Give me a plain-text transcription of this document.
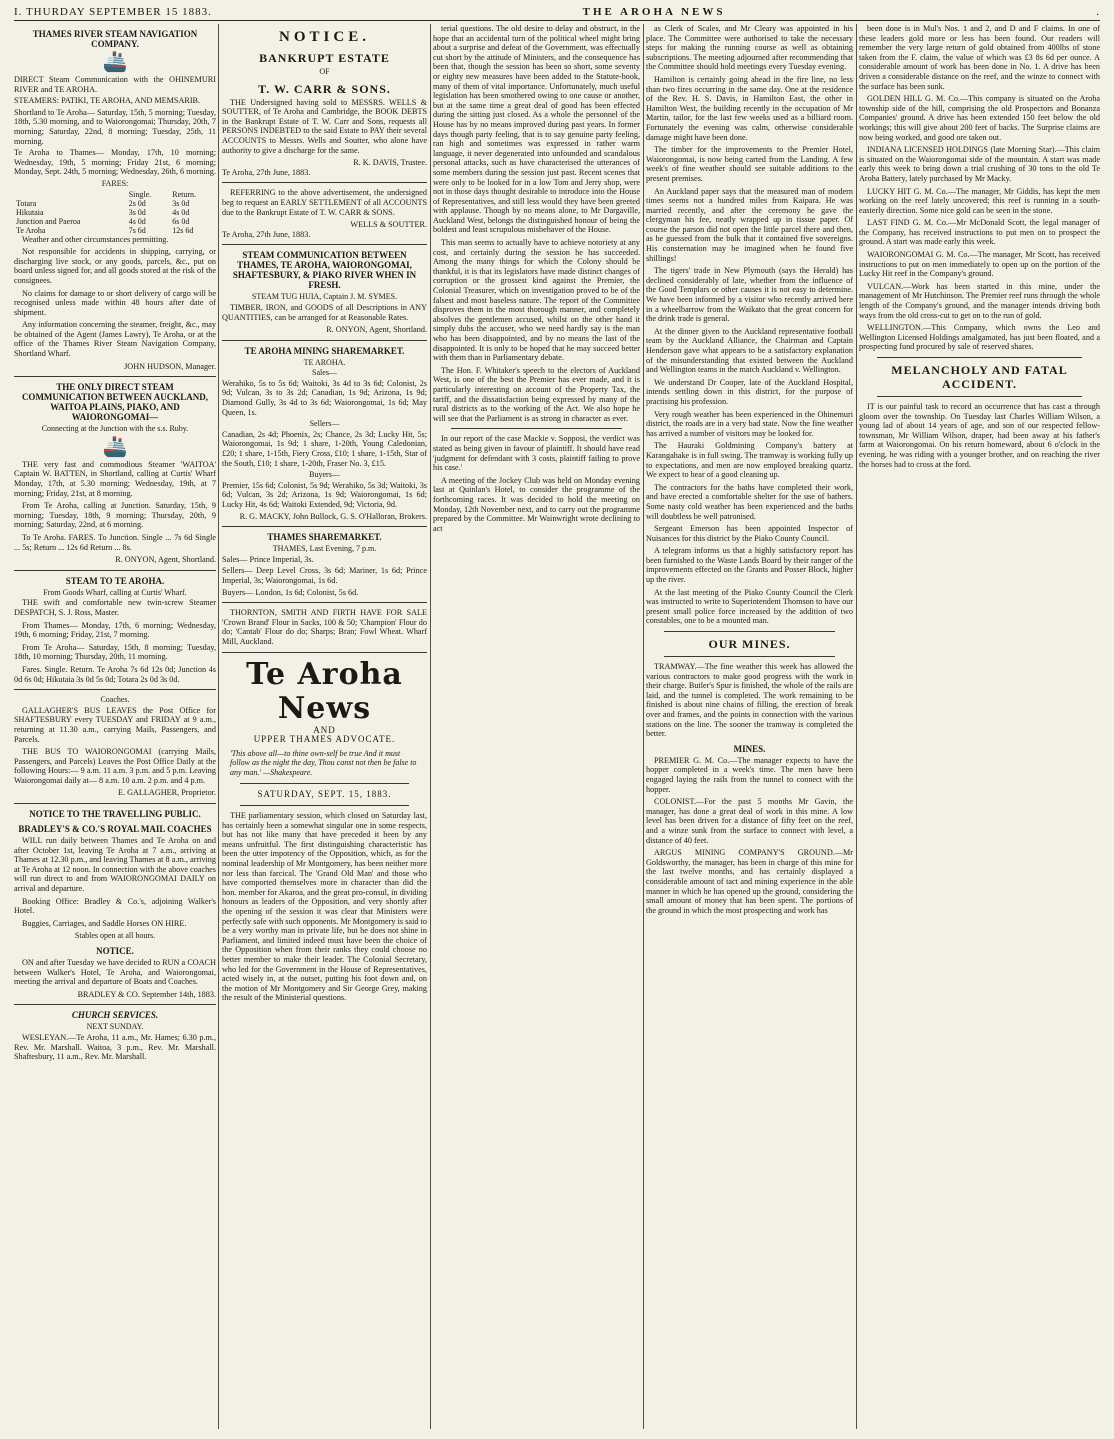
I. THURDAY SEPTEMBER 15 1883.	THE AROHA NEWS	.
THAMES RIVER STEAM NAVIGATION COMPANY.
🚢
DIRECT Steam Communication with the OHINEMURI RIVER and TE AROHA.
STEAMERS: PATIKI, TE AROHA, AND MEMSARIB.
Shortland to Te Aroha— Saturday, 15th, 5 morning; Tuesday, 18th, 5.30 morning, and to Waiorongomai; Thursday, 20th, 7 morning; Saturday, 22nd, 8 morning; Tuesday, 25th, 11 morning.
Te Aroha to Thames— Monday, 17th, 10 morning; Wednesday, 19th, 5 morning; Friday 21st, 6 morning; Monday, Sept. 24th, 5 morning; Wednesday, 26th, 6 morning.
FARES:
	Single.	Return.
Totara	2s 0d	3s 0d
Hikutaia	3s 0d	4s 0d
Junction and Paeroa	4s 0d	6s 0d
Te Aroha	7s 6d	12s 6d
Weather and other circumstances permitting.
Not responsible for accidents in shipping, carrying, or discharging live stock, or any goods, parcels, &c., put on board unless signed for, and all goods stored at the risk of the consignees.
No claims for damage to or short delivery of cargo will be recognised unless made within 48 hours after date of shipment.
Any information concerning the steamer, freight, &c., may be obtained of the Agent (James Lawry), Te Aroha, or at the office of the Thames River Steam Navigation Company, Shortland Wharf.
JOHN HUDSON, Manager.
THE ONLY DIRECT STEAM COMMUNICATION BETWEEN AUCKLAND, WAITOA PLAINS, PIAKO, AND WAIORONGOMAI—
Connecting at the Junction with the s.s. Ruby.
🚢
THE very fast and commodious Steamer 'WAITOA' Captain W. BATTEN, in Shortland, calling at Curtis' Wharf Monday, 17th, at 5.30 morning; Wednesday, 19th, at 7 morning; Friday, 21st, at 8 morning.
From Te Aroha, calling at Junction. Saturday, 15th, 9 morning; Tuesday, 18th, 9 morning; Thursday, 20th, 9 morning; Saturday, 22nd, at 6 morning.
To Te Aroha. FARES. To Junction. Single ... 7s 6d Single ... 5s; Return ... 12s 6d Return ... 8s.
R. ONYON, Agent, Shortland.
STEAM TO TE AROHA.
From Goods Wharf, calling at Curtis' Wharf.
THE swift and comfortable new twin-screw Steamer DESPATCH, S. J. Ross, Master.
From Thames— Monday, 17th, 6 morning; Wednesday, 19th, 6 morning; Friday, 21st, 7 morning.
From Te Aroha— Saturday, 15th, 8 morning; Tuesday, 18th, 10 morning; Thursday, 20th, 11 morning.
Fares. Single. Return. Te Aroha 7s 6d 12s 0d; Junction 4s 0d 6s 0d; Hikutaia 3s 0d 5s 0d; Totara 2s 0d 3s 0d.
Coaches.
GALLAGHER'S BUS LEAVES the Post Office for SHAFTESBURY every TUESDAY and FRIDAY at 9 a.m., returning at 11.30 a.m., carrying Mails, Passengers, and Parcels.
THE BUS TO WAIORONGOMAI (carrying Mails, Passengers, and Parcels) Leaves the Post Office Daily at the following Hours:— 9 a.m. 11 a.m. 3 p.m. and 5 p.m. Leaving Waiorongomai daily at— 8 a.m. 10 a.m. 2 p.m. and 4 p.m.
E. GALLAGHER, Proprietor.
NOTICE TO THE TRAVELLING PUBLIC.
BRADLEY'S & CO.'S ROYAL MAIL COACHES
WILL run daily between Thames and Te Aroha on and after October 1st, leaving Te Aroha at 7 a.m., arriving at Thames at 12.30 p.m., and leaving Thames at 8 a.m., arriving at Te Aroha at 12 noon. In connection with the above coaches will run direct to and from WAIORONGOMAI DAILY on arrival and departure.
Booking Office: Bradley & Co.'s, adjoining Walker's Hotel.
Buggies, Carriages, and Saddle Horses ON HIRE.
Stables open at all hours.
NOTICE.
ON and after Tuesday we have decided to RUN a COACH between Walker's Hotel, Te Aroha, and Waiorongomai, meeting the arrival and departure of Boats and Coaches.
BRADLEY & CO. September 14th, 1883.
CHURCH SERVICES.
NEXT SUNDAY.
WESLEYAN.—Te Aroha, 11 a.m., Mr. Hames; 6.30 p.m., Rev. Mr. Marshall. Waitoa, 3 p.m., Rev. Mr. Marshall. Shaftesbury, 11 a.m., Rev. Mr. Marshall.
NOTICE.
BANKRUPT ESTATE
OF
T. W. CARR & SONS.
THE Undersigned having sold to MESSRS. WELLS & SOUTTER, of Te Aroha and Cambridge, the BOOK DEBTS in the Bankrupt Estate of T. W. Carr and Sons, requests all PERSONS INDEBTED to the said Estate to PAY their several ACCOUNTS to Messrs. Wells and Soutter, who alone have authority to give a discharge for the same.
R. K. DAVIS, Trustee.
Te Aroha, 27th June, 1883.
REFERRING to the above advertisement, the undersigned beg to request an EARLY SETTLEMENT of all ACCOUNTS due to the Bankrupt Estate of T. W. CARR & SONS.
WELLS & SOUTTER.
Te Aroha, 27th June, 1883.
STEAM COMMUNICATION BETWEEN THAMES, TE AROHA, WAIORONGOMAI, SHAFTESBURY, & PIAKO RIVER WHEN IN FRESH.
STEAM TUG HUIA, Captain J. M. SYMES.
TIMBER, IRON, and GOODS of all Descriptions in ANY QUANTITIES, can be arranged for at Reasonable Rates.
R. ONYON, Agent, Shortland.
TE AROHA MINING SHAREMARKET.
TE AROHA.
Sales—
Werahiko, 5s to 5s 6d; Waitoki, 3s 4d to 3s 6d; Colonist, 2s 9d; Vulcan, 3s to 3s 2d; Canadian, 1s 9d; Arizona, 1s 9d; Diamond Gully, 3s 4d to 3s 6d; Waiorongomai, 1s 6d; May Queen, 1s.
Sellers—
Canadian, 2s 4d; Phoenix, 2s; Chance, 2s 3d; Lucky Hit, 5s; Waiorongomai, 1s 9d; 1 share, 1-20th, Young Caledonian, £20; 1 share, 1-15th, Fiery Cross, £10; 1 share, 1-15th, Star of the South, £10; 1 share, 1-20th, Fraser No. 3, £15.
Buyers—
Premier, 15s 6d; Colonist, 5s 9d; Werahiko, 5s 3d; Waitoki, 3s 6d; Vulcan, 3s 2d; Arizona, 1s 9d; Waiorongomai, 1s 6d; Lucky Hit, 4s 6d; Waitoki Extended, 9d; Victoria, 9d.
R. G. MACKY, John Bullock, G. S. O'Halloran, Brokers.
THAMES SHAREMARKET.
THAMES, Last Evening, 7 p.m.
Sales— Prince Imperial, 3s.
Sellers— Deep Level Cross, 3s 6d; Mariner, 1s 6d; Prince Imperial, 3s; Waiorongomai, 1s 6d.
Buyers— London, 1s 6d; Colonist, 5s 6d.
THORNTON, SMITH AND FIRTH HAVE FOR SALE 'Crown Brand' Flour in Sacks, 100 & 50; 'Champion' Flour do do; 'Cantab' Flour do do; Sharps; Bran; Fowl Wheat. Wharf Mill, Auckland.
Te Aroha News
AND
UPPER THAMES ADVOCATE.
'This above all—to thine own-self be true And it must follow as the night the day, Thou canst not then be false to any man.' —Shakespeare.
SATURDAY, SEPT. 15, 1883.
THE parliamentary session, which closed on Saturday last, has certainly been a somewhat singular one in some respects, but has not like many that have preceded it been by any means unfruitful. The first distinguishing characteristic has been the utter impotency of the Opposition, which, as for the nominal leadership of Mr Montgomery, has been neither more nor less than farcical. The 'Grand Old Man' and those who have comported themselves more in character than did the hon. member for Akaroa, and the great pro-consul, in dividing honours as leaders of the Opposition, and very shortly after the opening of the session it was clear that Ministers were perfectly safe with such opponents. Mr Montgomery is said to be a very worthy man in private life, but he does not shine in Parliament, and limited indeed must have been the choice of the Opposition when from their ranks they could choose no better member to make their leader. The Colonial Secretary, who led for the Government in the House of Representatives, acted wisely in, at the outset, putting his foot down and, on the motion of Mr Montgomery and Sir George Grey, making the result of the Ministerial questions.
terial questions. The old desire to delay and obstruct, in the hope that an accidental turn of the political wheel might bring about a surprise and defeat of the Government, was effectually cut short by the attitude of Ministers, and the consequence has been that, though the session has been so short, some seventy or eighty new measures have been added to the Statute-book, many of them of vital importance. Unfortunately, much useful legislation has been smothered owing to one cause or another, but at the same time a great deal of good has been effected during the sitting just closed. As a whole the personnel of the House has by no means improved during past years. In former days though party feeling, that is to say genuine party feeling, ran high and sometimes was expressed in rather warm language, it never degenerated into unfounded and scandalous personal attacks, such as have characterised the utterances of some members during the session just past. Recent scenes that were only to be looked for in a low Tom and Jerry shop, were not in those days thought desirable to introduce into the House of Representatives, and still less would they have been greeted with applause. Though by no means alone, to Mr Dargaville, Auckland West, belongs the distinguished honour of being the boldest and least scrupulous misbehaver of the House.
This man seems to actually have to achieve notoriety at any cost, and certainly during the session he has succeeded. Among the many things for which the Colony should be thankful, it is that its legislators have made distinct changes of corruption or the grossest kind against the Premier, the Colonial Treasurer, which on investigation proved to be of the falsest and most baseless nature. The report of the Committee disproves them in the most thorough manner, and completely absolves the gentlemen accused, whilst on the other hand it simply dubs the accuser, who we need hardly say is the man who has been disappointed, and by no means the last of the disappointed. It is only to be hoped that he may succeed better with them than in Parliamentary debate.
The Hon. F. Whitaker's speech to the electors of Auckland West, is one of the best the Premier has ever made, and it is particularly interesting on account of the Property Tax, the tariff, and the dissatisfaction being expressed by many of the rural districts as to the working of the Act. We also hope he will see that the Parliament is as strong in character as ever.
In our report of the case Mackie v. Sopposi, the verdict was stated as being given in favour of plaintiff. It should have read 'judgment for defendant with 3 costs, plaintiff failing to prove his case.'
A meeting of the Jockey Club was held on Monday evening last at Quinlan's Hotel, to consider the programme of the forthcoming races. It was decided to hold the meeting on Monday, 12th November next, and to carry out the programme prepared by the Committee. Mr Wainwright wrote declining to act
as Clerk of Scales, and Mr Cleary was appointed in his place. The Committee were authorised to take the necessary steps for making the running course as well as obtaining subscriptions. The meeting adjourned after recommending that the Committee should hold meetings every Tuesday evening.
Hamilton is certainly going ahead in the fire line, no less than two fires occurring in the same day. One at the residence of the Rev. H. S. Davis, in Hamilton East, the other in Hamilton West, the building recently in the occupation of Mr Martin, tailor, for the last few weeks used as a billiard room. Fortunately the evening was calm, otherwise considerable damage might have been done.
The timber for the improvements to the Premier Hotel, Waiorongomai, is now being carted from the Landing. A few week's of fine weather should see suitable additions to the present premises.
An Auckland paper says that the measured man of modern times seems not a hundred miles from Kaipara. He was married recently, and after the ceremony he gave the clergyman his fee, neatly wrapped up in tissue paper. Of course the parson did not open the little parcel there and then, as he guessed from the bulk that it contained five sovereigns. His consternation may be imagined when he found five shillings!
The tigers' trade in New Plymouth (says the Herald) has declined considerably of late, whether from the influence of the Good Templars or other causes it is not easy to determine. We have been informed by a visitor who recently arrived here in a wheelbarrow from the Waikato that the great concern for the drink trade is general.
At the dinner given to the Auckland representative football team by the Auckland Alliance, the Chairman and Captain Henderson gave what appears to be a satisfactory explanation of the misunderstanding that existed between the Auckland and Wellington teams in the match Auckland v. Wellington.
We understand Dr Cooper, late of the Auckland Hospital, intends settling down in this district, for the purpose of practising his profession.
Very rough weather has been experienced in the Ohinemuri district, the roads are in a very bad state. Now the fine weather has arrived a number of visitors may be looked for.
The Hauraki Goldmining Company's battery at Karangahake is in full swing. The tramway is working fully up to expectations, and men are now employed breaking quartz. We expect to hear of a good cleaning up.
The contractors for the baths have completed their work, and have erected a comfortable shelter for the use of bathers. Some nasty cold weather has been experienced and the baths will doubtless be well patronised.
Sergeant Emerson has been appointed Inspector of Nuisances for this district by the Piako County Council.
A telegram informs us that a highly satisfactory report has been furnished to the Waste Lands Board by their ranger of the improvements effected on the Grants and Posser Block, higher up the river.
At the last meeting of the Piako County Council the Clerk was instructed to write to Superintendent Thomson to have our present small police force increased by the addition of two constables, one to be a mounted man.
OUR MINES.
TRAMWAY.—The fine weather this week has allowed the various contractors to make good progress with the work in their charge. Butler's Spur is finished, the whole of the rails are laid, and the tunnel is completed. The work remaining to be finished is about nine chains of filling, the erection of break over and frames, and the points in connection with the various stations on the line. The sooner the tramway is completed the better.
MINES.
PREMIER G. M. Co.—The manager expects to have the hopper completed in a week's time. The men have been engaged laying the rails from the tunnel to connect with the hopper.
COLONIST.—For the past 5 months Mr Gavin, the manager, has done a great deal of work in this mine. A low level has been driven for a distance of fifty feet on the reef, and a winze sunk from the surface to connect with level, a distance of 40 feet.
ARGUS MINING COMPANY'S GROUND.—Mr Goldsworthy, the manager, has been in charge of this mine for the last twelve months, and has certainly displayed a considerable amount of tact and mining experience in the able manner in which he has opened up the ground, considering the small amount of money that has been spent. The portions of the ground in which the most prospecting and work has
been done is in Mul's Nos. 1 and 2, and D and F claims. In one of these leaders gold more or less has been found. Our readers will remember the very large return of gold obtained from 400lbs of stone taken from the F. claim, the value of which was £3 8s 6d per ounce. A considerable amount of work has been done in No. 1. A drive has been driven a considerable distance on the reef, and the winze to connect with the surface has been sunk.
GOLDEN HILL G. M. Co.—This company is situated on the Aroha township side of the hill, comprising the old Prospectors and Bonanza Companies' ground. A drive has been extended 150 feet below the old workings; this will give about 200 feet of backs. The Surprise claims are now being worked, and good ore taken out.
INDIANA LICENSED HOLDINGS (late Morning Star).—This claim is situated on the Waiorongomai side of the mountain. A start was made early this week to bring down a trial crushing of 30 tons to the old Te Aroha Battery, lately purchased by Mr Macky.
LUCKY HIT G. M. Co.—The manager, Mr Giddis, has kept the men working on the reef lately uncovered; this reef is running in a south-easterly direction. Some nice gold can be seen in the stone.
LAST FIND G. M. Co.—Mr McDonald Scott, the legal manager of the Company, has received instructions to put men on to prospect the ground. A start was made early this week.
WAIORONGOMAI G. M. Co.—The manager, Mr Scott, has received instructions to put on men immediately to open up on the portion of the Lucky Hit reef in the Company's ground.
VULCAN.—Work has been started in this mine, under the management of Mr Hutchinson. The Premier reef runs through the whole length of the Company's ground, and the manager intends driving both ways from the old cross-cut to get on to the run of gold.
WELLINGTON.—This Company, which owns the Leo and Wellington Licensed Holdings amalgamated, has just been floated, and a prospecting fund procured by sale of reserved shares.
MELANCHOLY AND FATAL ACCIDENT.
IT is our painful task to record an occurrence that has cast a through gloom over the township. On Tuesday last Charles William Wilson, a young lad of about 14 years of age, and son of our respected fellow-townsman, Mr William Wilson, draper, had been away at his father's farm at Waiorongomai. On his return homeward, about 6 o'clock in the evening, he was riding with a younger brother, and on reaching the river the horses had to cross at the ford.
